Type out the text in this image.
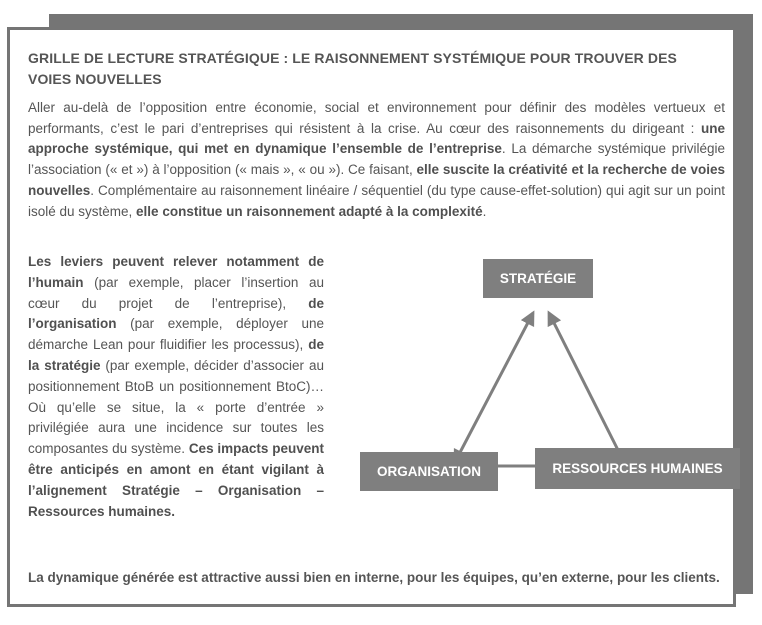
GRILLE DE LECTURE STRATÉGIQUE : LE RAISONNEMENT SYSTÉMIQUE POUR TROUVER DES VOIES NOUVELLES
Aller au-delà de l’opposition entre économie, social et environnement pour définir des modèles vertueux et performants, c’est le pari d’entreprises qui résistent à la crise. Au cœur des raisonnements du dirigeant : une approche systémique, qui met en dynamique l’ensemble de l’entreprise. La démarche systémique privilégie l’association (« et ») à l’opposition (« mais », « ou »). Ce faisant, elle suscite la créativité et la recherche de voies nouvelles. Complémentaire au raisonnement linéaire / séquentiel (du type cause-effet-solution) qui agit sur un point isolé du système, elle constitue un raisonnement adapté à la complexité.
Les leviers peuvent relever notamment de l’humain (par exemple, placer l’insertion au cœur du projet de l’entreprise), de l’organisation (par exemple, déployer une démarche Lean pour fluidifier les processus), de la stratégie (par exemple, décider d’associer au positionnement BtoB un positionnement BtoC)… Où qu’elle se situe, la « porte d’entrée » privilégiée aura une incidence sur toutes les composantes du système. Ces impacts peuvent être anticipés en amont en étant vigilant à l’alignement Stratégie – Organisation – Ressources humaines.
STRATÉGIE
ORGANISATION	RESSOURCES HUMAINES
La dynamique générée est attractive aussi bien en interne, pour les équipes, qu’en externe, pour les clients.
